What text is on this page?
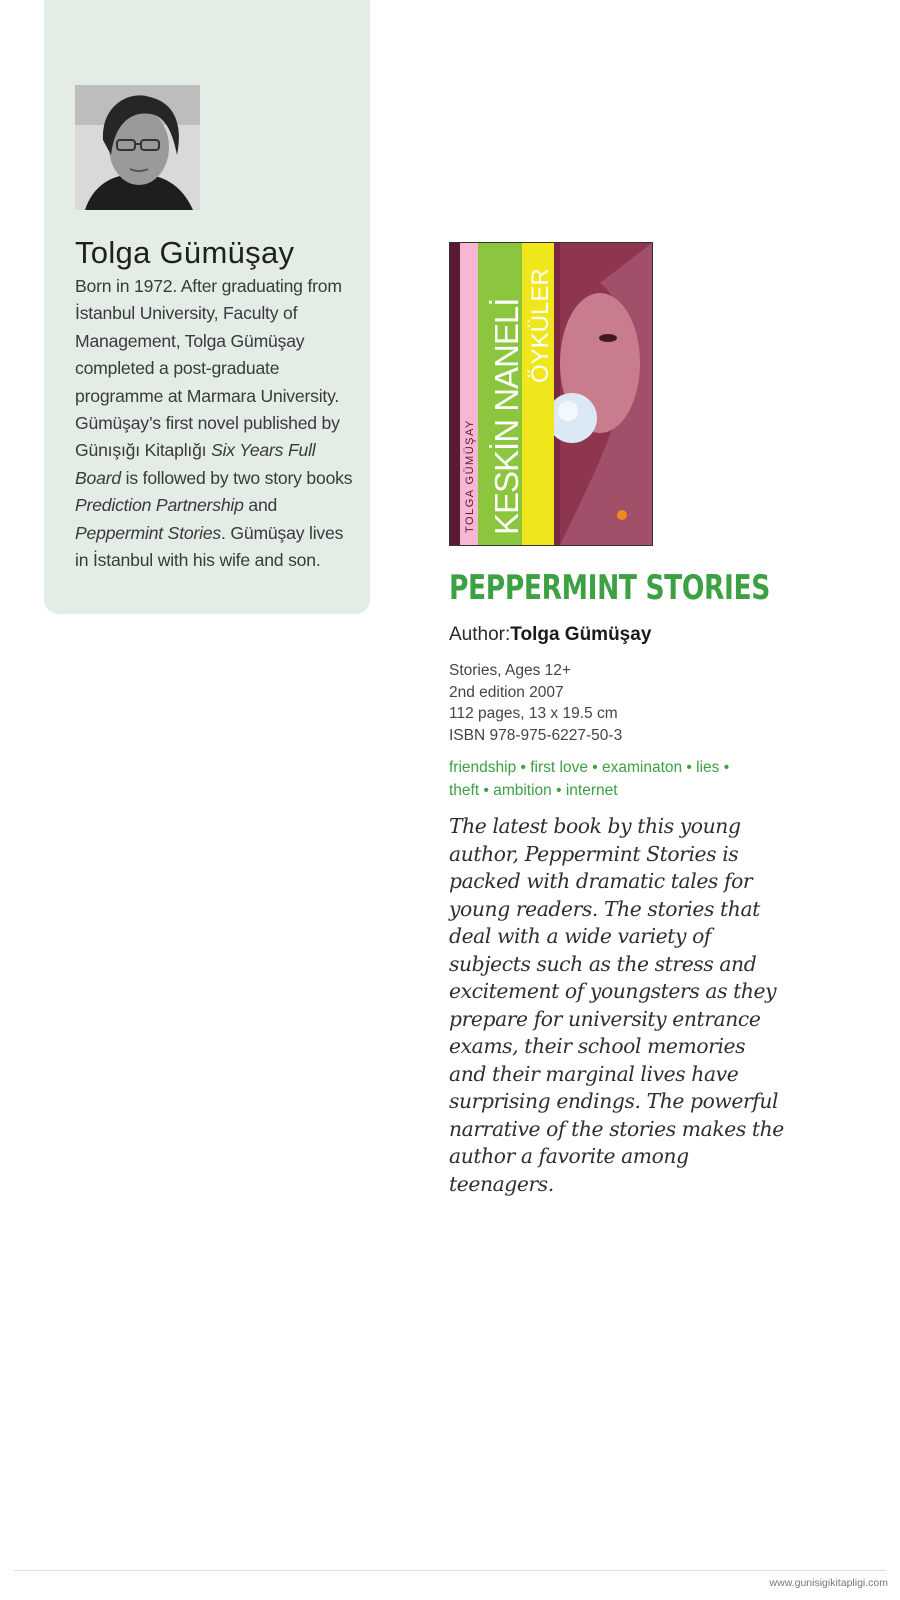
Tolga Gümüşay

Born in 1972. After graduating from İstanbul University, Faculty of Management, Tolga Gümüşay completed a post-graduate programme at Marmara University. Gümüşay’s first novel published by Günışığı Kitaplığı Six Years Full Board is followed by two story books Prediction Partnership and Peppermint Stories. Gümüşay lives in İstanbul with his wife and son.

TOLGA GÜMÜŞAY KESKİN NANELİ ÖYKÜLER
PEPPERMINT STORIES
Author:Tolga Gümüşay
Stories, Ages 12+
2nd edition 2007
112 pages, 13 x 19.5 cm
ISBN 978-975-6227-50-3
friendship • first love • examinaton • lies •
theft • ambition • internet

The latest book by this young author, Peppermint Stories is packed with dramatic tales for young readers. The stories that deal with a wide variety of subjects such as the stress and excitement of youngsters as they prepare for university entrance exams, their school memories and their marginal lives have surprising endings. The powerful narrative of the stories makes the author a favorite among teenagers.

www.gunisigikitapligi.com
